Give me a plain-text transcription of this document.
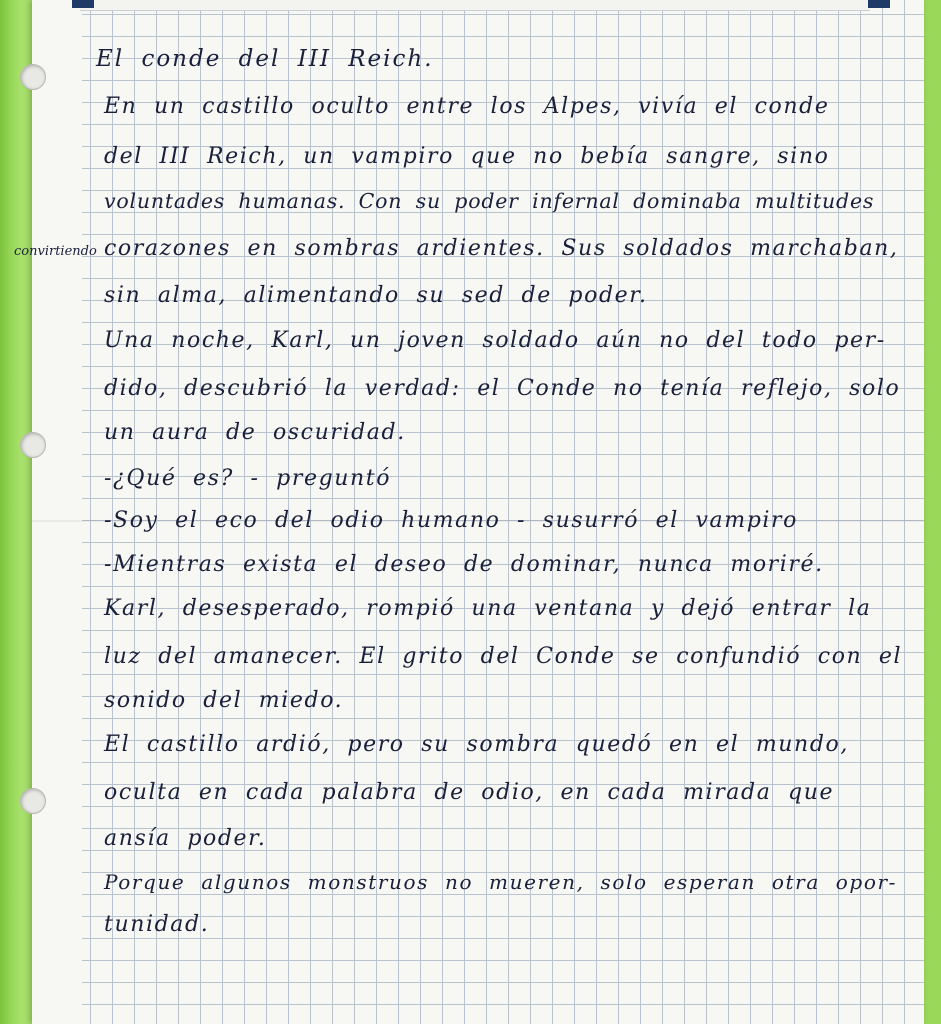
El conde del III Reich.
En un castillo oculto entre los Alpes, vivía el conde
del III Reich, un vampiro que no bebía sangre, sino
voluntades humanas. Con su poder infernal dominaba multitudes
convirtiendo corazones en sombras ardientes. Sus soldados marchaban,
sin alma, alimentando su sed de poder.
Una noche, Karl, un joven soldado aún no del todo per-
dido, descubrió la verdad: el Conde no tenía reflejo, solo
un aura de oscuridad.
-¿Qué es? - preguntó
-Soy el eco del odio humano - susurró el vampiro
-Mientras exista el deseo de dominar, nunca moriré.
Karl, desesperado, rompió una ventana y dejó entrar la
luz del amanecer. El grito del Conde se confundió con el
sonido del miedo.
El castillo ardió, pero su sombra quedó en el mundo,
oculta en cada palabra de odio, en cada mirada que
ansía poder.
Porque algunos monstruos no mueren, solo esperan otra opor-
tunidad.
